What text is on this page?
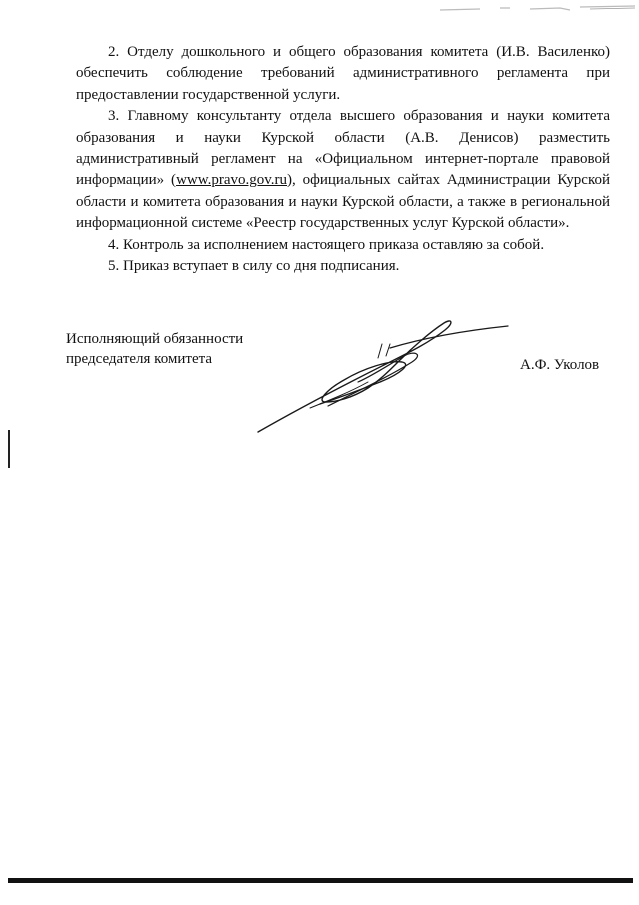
2. Отделу дошкольного и общего образования комитета (И.В. Василенко) обеспечить соблюдение требований административного регламента при предоставлении государственной услуги.

3. Главному консультанту отдела высшего образования и науки комитета образования и науки Курской области (А.В. Денисов) разместить административный регламент на «Официальном интернет-портале правовой информации» (www.pravo.gov.ru), официальных сайтах Администрации Курской области и комитета образования и науки Курской области, а также в региональной информационной системе «Реестр государственных услуг Курской области».

4. Контроль за исполнением настоящего приказа оставляю за собой.

5. Приказ вступает в силу со дня подписания.

Исполняющий обязанности
председателя комитета	А.Ф. Уколов
